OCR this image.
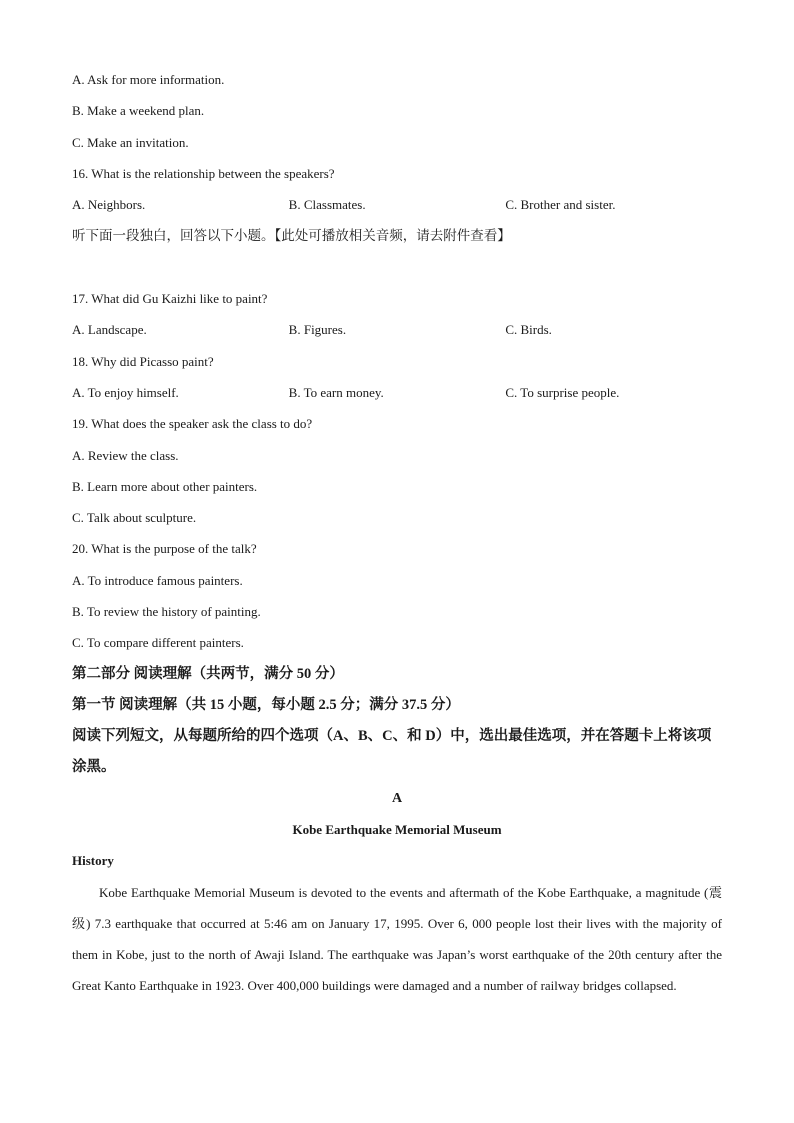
A. Ask for more information.
B. Make a weekend plan.
C. Make an invitation.
16. What is the relationship between the speakers?
A. Neighbors.	B. Classmates.	C. Brother and sister.
听下面一段独白，回答以下小题。【此处可播放相关音频，请去附件查看】
17. What did Gu Kaizhi like to paint?
A. Landscape.	B. Figures.	C. Birds.
18. Why did Picasso paint?
A. To enjoy himself.	B. To earn money.	C. To surprise people.
19. What does the speaker ask the class to do?
A. Review the class.
B. Learn more about other painters.
C. Talk about sculpture.
20. What is the purpose of the talk?
A. To introduce famous painters.
B. To review the history of painting.
C. To compare different painters.
第二部分 阅读理解（共两节，满分 50 分）
第一节 阅读理解（共 15 小题，每小题 2.5 分；满分 37.5 分）
阅读下列短文，从每题所给的四个选项（A、B、C、和 D）中，选出最佳选项，并在答题卡上将该项涂黑。
A
Kobe Earthquake Memorial Museum
History
Kobe Earthquake Memorial Museum is devoted to the events and aftermath of the Kobe Earthquake, a magnitude (震级) 7.3 earthquake that occurred at 5:46 am on January 17, 1995. Over 6, 000 people lost their lives with the majority of them in Kobe, just to the north of Awaji Island. The earthquake was Japan’s worst earthquake of the 20th century after the Great Kanto Earthquake in 1923. Over 400,000 buildings were damaged and a number of railway bridges collapsed.
